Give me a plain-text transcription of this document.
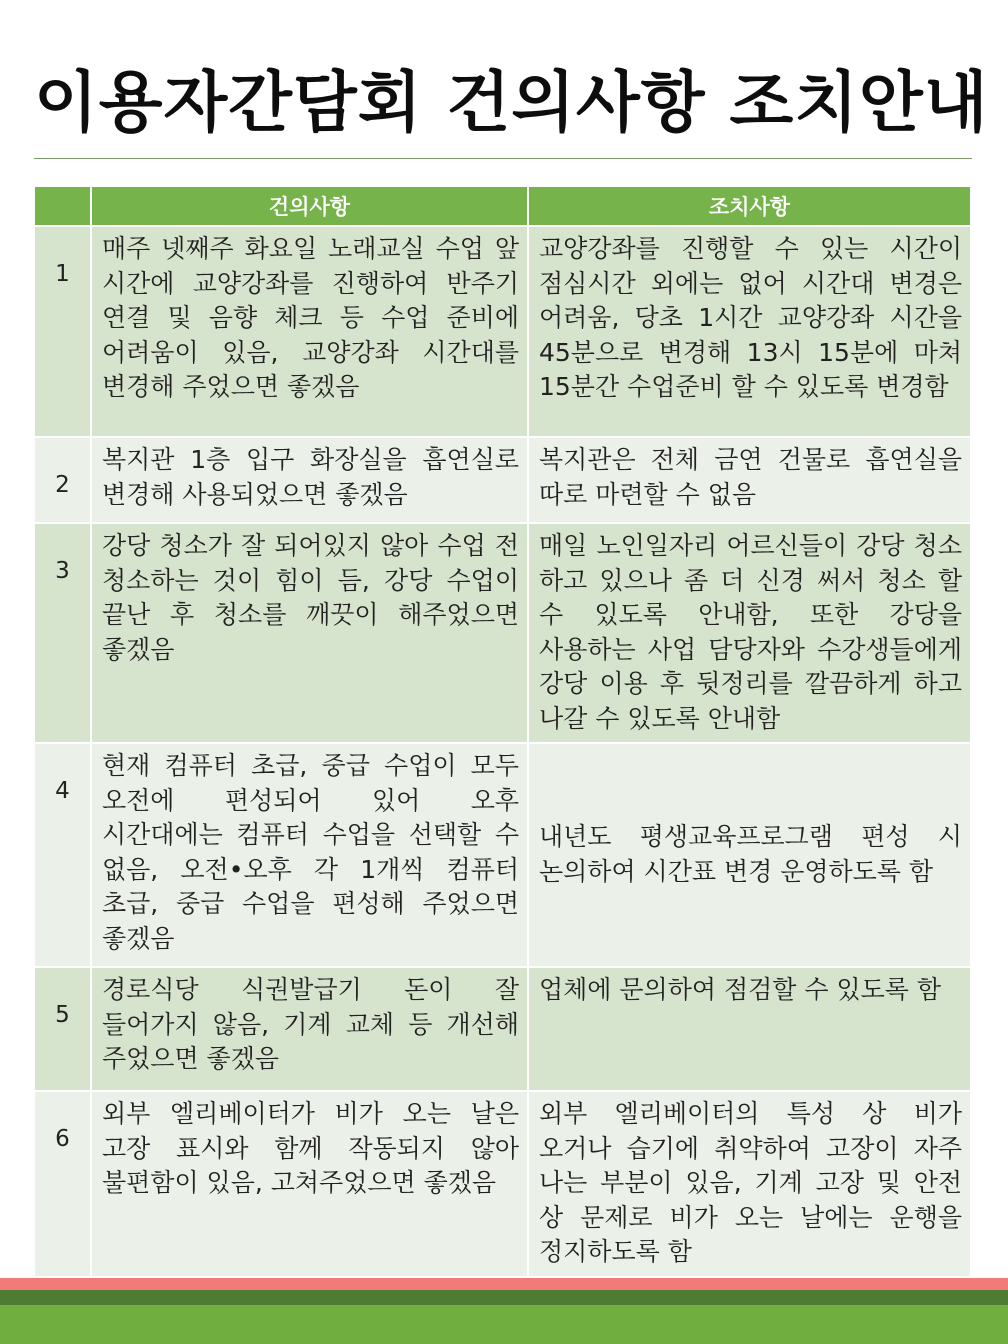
이용자간담회 건의사항 조치안내
	건의사항	조치사항
1	매주 넷째주 화요일 노래교실 수업 앞 시간에 교양강좌를 진행하여 반주기 연결 및 음향 체크 등 수업 준비에 어려움이 있음, 교양강좌 시간대를 변경해 주었으면 좋겠음	교양강좌를 진행할 수 있는 시간이 점심시간 외에는 없어 시간대 변경은 어려움, 당초 1시간 교양강좌 시간을 45분으로 변경해 13시 15분에 마쳐 15분간 수업준비 할 수 있도록 변경함
2	복지관 1층 입구 화장실을 흡연실로 변경해 사용되었으면 좋겠음	복지관은 전체 금연 건물로 흡연실을 따로 마련할 수 없음
3	강당 청소가 잘 되어있지 않아 수업 전 청소하는 것이 힘이 듬, 강당 수업이 끝난 후 청소를 깨끗이 해주었으면 좋겠음	매일 노인일자리 어르신들이 강당 청소 하고 있으나 좀 더 신경 써서 청소 할 수 있도록 안내함, 또한 강당을 사용하는 사업 담당자와 수강생들에게 강당 이용 후 뒷정리를 깔끔하게 하고 나갈 수 있도록 안내함
4	현재 컴퓨터 초급, 중급 수업이 모두 오전에 편성되어 있어 오후 시간대에는 컴퓨터 수업을 선택할 수 없음, 오전•오후 각 1개씩 컴퓨터 초급, 중급 수업을 편성해 주었으면 좋겠음	내년도 평생교육프로그램 편성 시 논의하여 시간표 변경 운영하도록 함
5	경로식당 식권발급기 돈이 잘 들어가지 않음, 기계 교체 등 개선해 주었으면 좋겠음	업체에 문의하여 점검할 수 있도록 함
6	외부 엘리베이터가 비가 오는 날은 고장 표시와 함께 작동되지 않아 불편함이 있음, 고쳐주었으면 좋겠음	외부 엘리베이터의 특성 상 비가 오거나 습기에 취약하여 고장이 자주 나는 부분이 있음, 기계 고장 및 안전 상 문제로 비가 오는 날에는 운행을 정지하도록 함
